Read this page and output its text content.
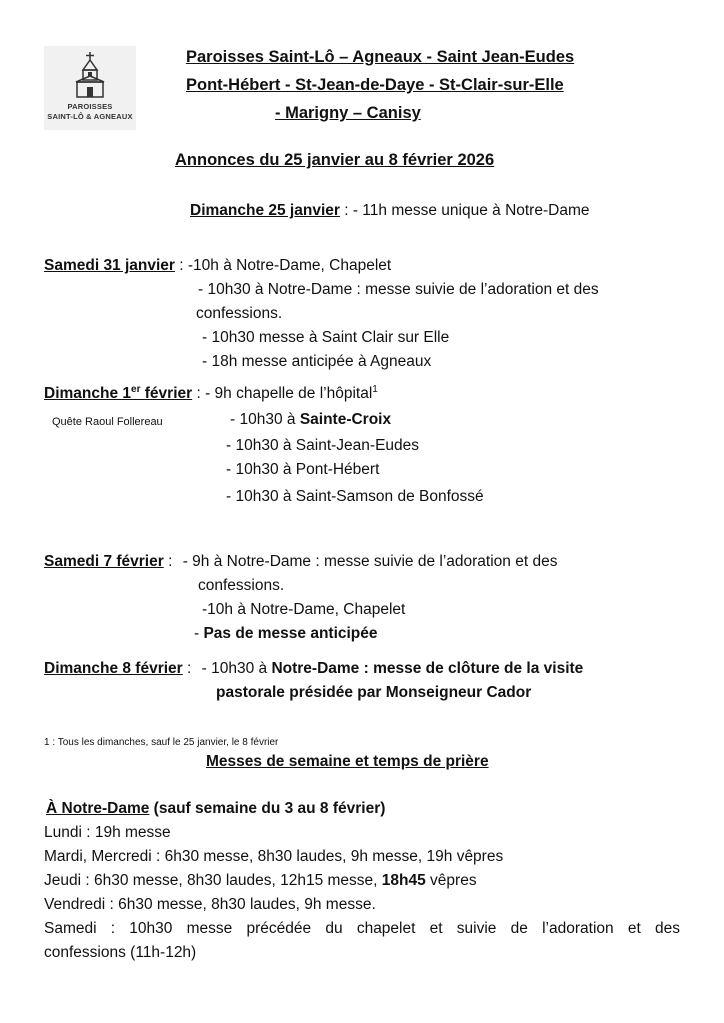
PAROISSES
SAINT-LÔ & AGNEAUX
Paroisses Saint-Lô – Agneaux - Saint Jean-Eudes
Pont-Hébert - St-Jean-de-Daye - St-Clair-sur-Elle
- Marigny – Canisy
Annonces du 25 janvier au 8 février 2026
Dimanche 25 janvier : - 11h messe unique à Notre-Dame
Samedi 31 janvier : -10h à Notre-Dame, Chapelet
- 10h30 à Notre-Dame : messe suivie de l’adoration et des
confessions.
- 10h30 messe à Saint Clair sur Elle
- 18h messe anticipée à Agneaux
Dimanche 1er février : - 9h chapelle de l’hôpital$^1$
Quête Raoul Follereau	- 10h30 à Sainte-Croix
- 10h30 à Saint-Jean-Eudes
- 10h30 à Pont-Hébert
- 10h30 à Saint-Samson de Bonfossé
Samedi 7 février : - 9h à Notre-Dame : messe suivie de l’adoration et des
confessions.
-10h à Notre-Dame, Chapelet
- Pas de messe anticipée
Dimanche 8 février : - 10h30 à Notre-Dame : messe de clôture de la visite
pastorale présidée par Monseigneur Cador
1 : Tous les dimanches, sauf le 25 janvier, le 8 février
Messes de semaine et temps de prière
À Notre-Dame (sauf semaine du 3 au 8 février)
Lundi : 19h messe
Mardi, Mercredi : 6h30 messe, 8h30 laudes, 9h messe, 19h vêpres
Jeudi : 6h30 messe, 8h30 laudes, 12h15 messe, 18h45 vêpres
Vendredi : 6h30 messe, 8h30 laudes, 9h messe.
Samedi : 10h30 messe précédée du chapelet et suivie de l’adoration et des
confessions (11h-12h)
